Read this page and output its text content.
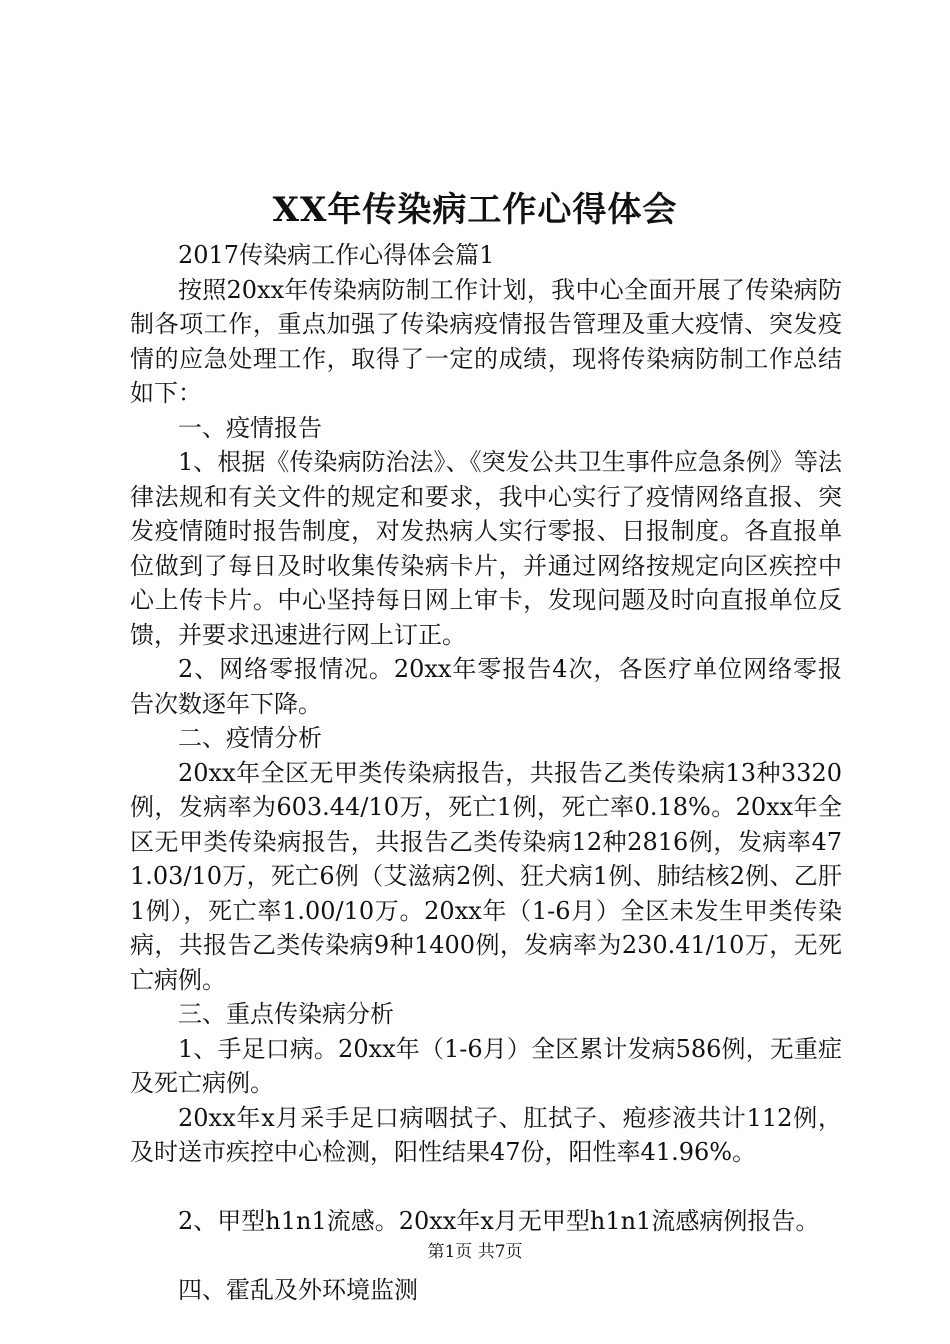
XX年传染病工作心得体会

2017传染病工作心得体会篇1

按照20xx年传染病防制工作计划，我中心全面开展了传染病防制各项工作，重点加强了传染病疫情报告管理及重大疫情、突发疫情的应急处理工作，取得了一定的成绩，现将传染病防制工作总结如下：

一、疫情报告

1、根据《传染病防治法》、《突发公共卫生事件应急条例》等法律法规和有关文件的规定和要求，我中心实行了疫情网络直报、突发疫情随时报告制度，对发热病人实行零报、日报制度。各直报单位做到了每日及时收集传染病卡片，并通过网络按规定向区疾控中心上传卡片。中心坚持每日网上审卡，发现问题及时向直报单位反馈，并要求迅速进行网上订正。

2、网络零报情况。20xx年零报告4次，各医疗单位网络零报告次数逐年下降。

二、疫情分析

20xx年全区无甲类传染病报告，共报告乙类传染病13种3320例，发病率为603.44/10万，死亡1例，死亡率0.18%。20xx年全区无甲类传染病报告，共报告乙类传染病12种2816例，发病率471.03/10万，死亡6例（艾滋病2例、狂犬病1例、肺结核2例、乙肝1例），死亡率1.00/10万。20xx年（1-6月）全区未发生甲类传染病，共报告乙类传染病9种1400例，发病率为230.41/10万，无死亡病例。

三、重点传染病分析

1、手足口病。20xx年（1-6月）全区累计发病586例，无重症及死亡病例。

20xx年x月采手足口病咽拭子、肛拭子、疱疹液共计112例，及时送市疾控中心检测，阳性结果47份，阳性率41.96%。

2、甲型h1n1流感。20xx年x月无甲型h1n1流感病例报告。

四、霍乱及外环境监测

第1页 共7页
